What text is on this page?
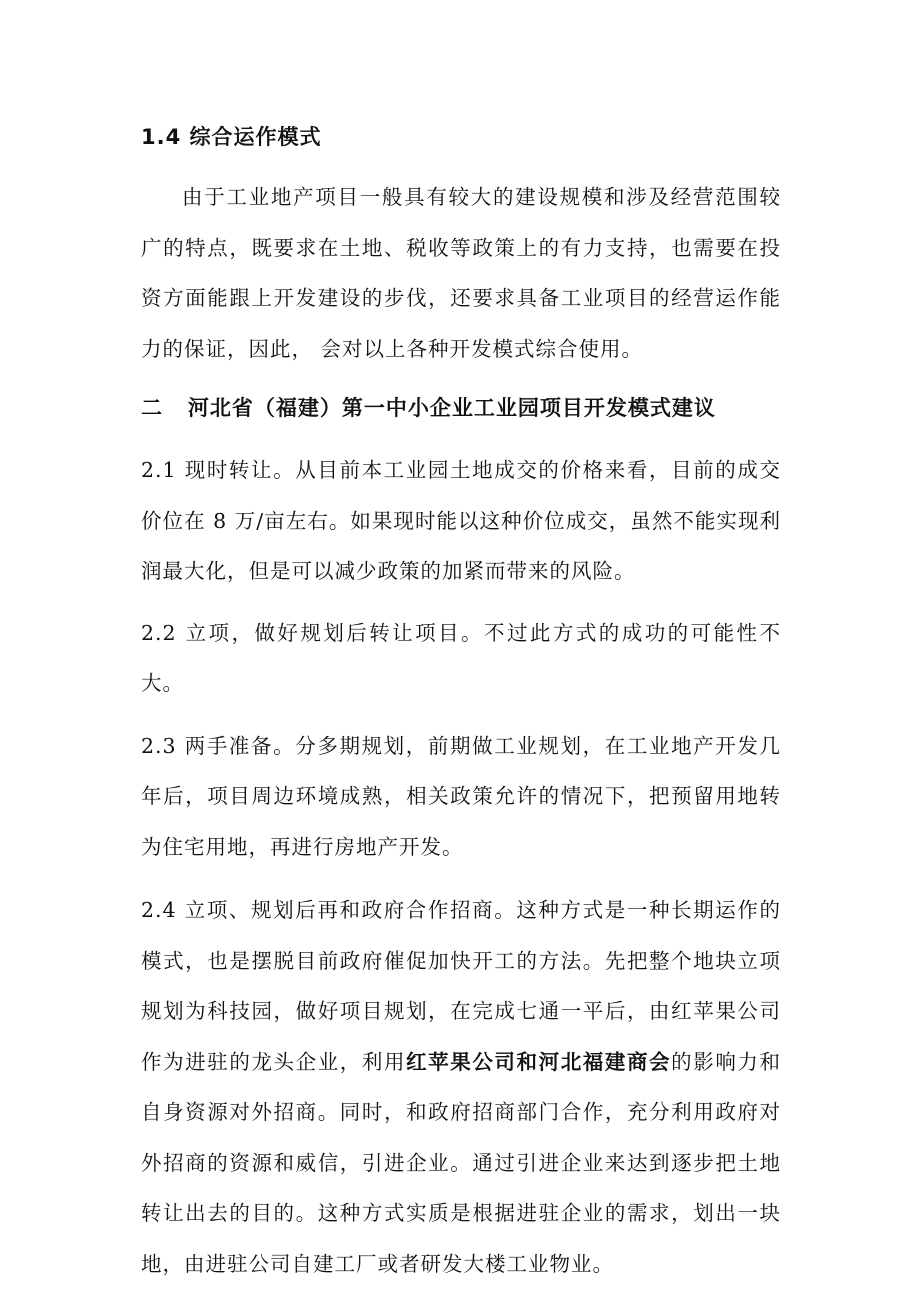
1.4 综合运作模式

由于工业地产项目一般具有较大的建设规模和涉及经营范围较广的特点，既要求在土地、税收等政策上的有力支持，也需要在投资方面能跟上开发建设的步伐，还要求具备工业项目的经营运作能力的保证，因此， 会对以上各种开发模式综合使用。

二   河北省（福建）第一中小企业工业园项目开发模式建议

2.1 现时转让。从目前本工业园土地成交的价格来看，目前的成交价位在 8 万/亩左右。如果现时能以这种价位成交，虽然不能实现利润最大化，但是可以减少政策的加紧而带来的风险。

2.2 立项，做好规划后转让项目。不过此方式的成功的可能性不大。

2.3 两手准备。分多期规划，前期做工业规划，在工业地产开发几年后，项目周边环境成熟，相关政策允许的情况下，把预留用地转为住宅用地，再进行房地产开发。

2.4 立项、规划后再和政府合作招商。这种方式是一种长期运作的模式，也是摆脱目前政府催促加快开工的方法。先把整个地块立项规划为科技园，做好项目规划，在完成七通一平后，由红苹果公司作为进驻的龙头企业，利用红苹果公司和河北福建商会的影响力和自身资源对外招商。同时，和政府招商部门合作，充分利用政府对外招商的资源和威信，引进企业。通过引进企业来达到逐步把土地转让出去的目的。这种方式实质是根据进驻企业的需求，划出一块地，由进驻公司自建工厂或者研发大楼工业物业。
